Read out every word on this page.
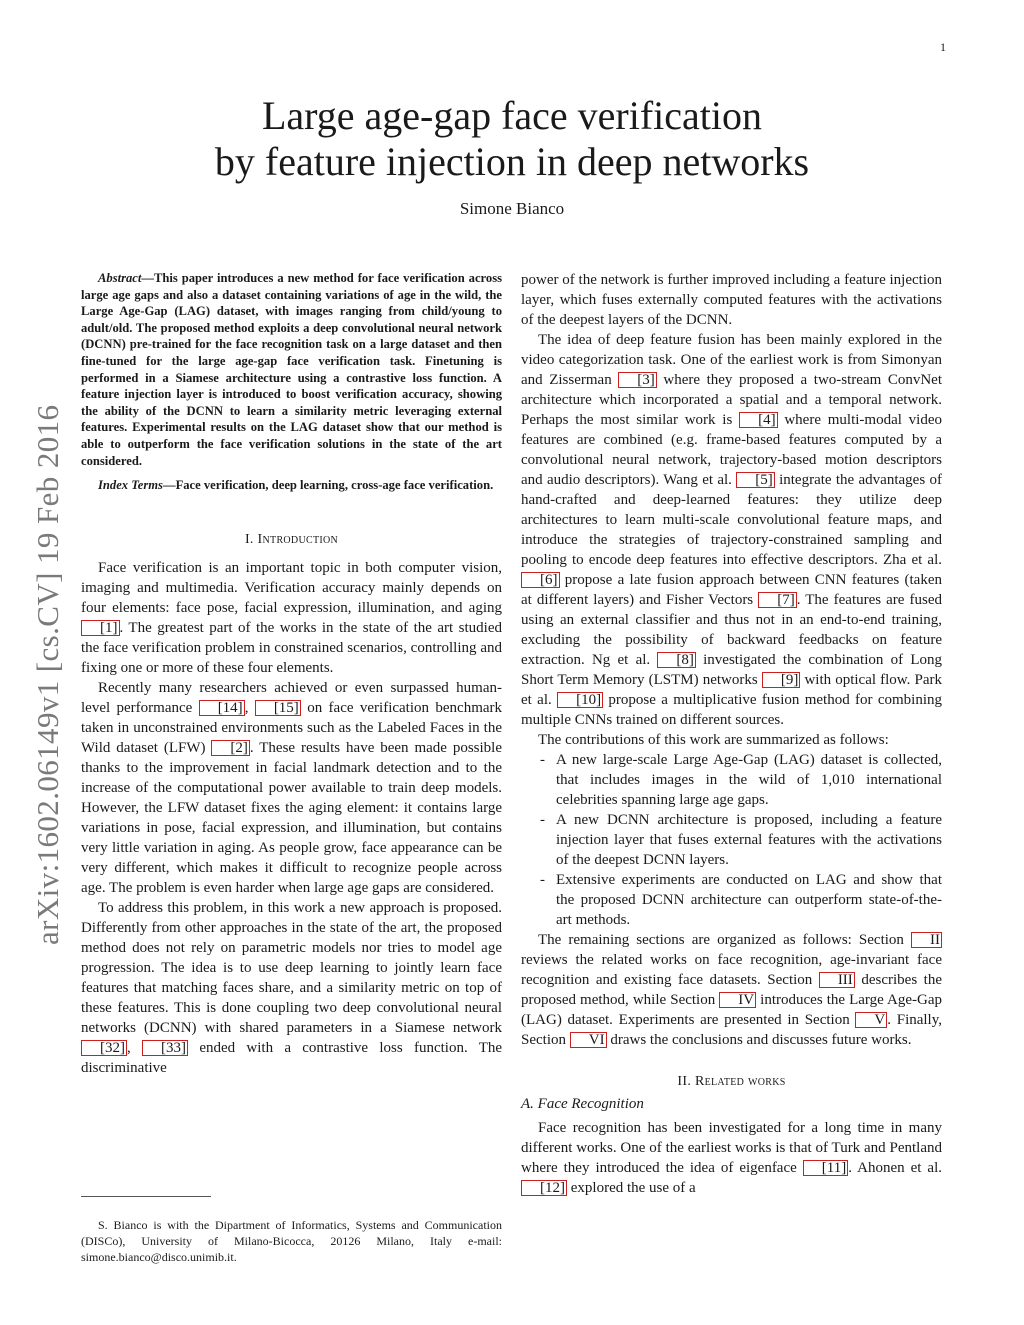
1
arXiv:1602.06149v1 [cs.CV] 19 Feb 2016
Large age-gap face verification
by feature injection in deep networks
Simone Bianco

Abstract—This paper introduces a new method for face verification across large age gaps and also a dataset containing variations of age in the wild, the Large Age-Gap (LAG) dataset, with images ranging from child/young to adult/old. The proposed method exploits a deep convolutional neural network (DCNN) pre-trained for the face recognition task on a large dataset and then fine-tuned for the large age-gap face verification task. Finetuning is performed in a Siamese architecture using a contrastive loss function. A feature injection layer is introduced to boost verification accuracy, showing the ability of the DCNN to learn a similarity metric leveraging external features. Experimental results on the LAG dataset show that our method is able to outperform the face verification solutions in the state of the art considered.

Index Terms—Face verification, deep learning, cross-age face verification.

I. Introduction

Face verification is an important topic in both computer vision, imaging and multimedia. Verification accuracy mainly depends on four elements: face pose, facial expression, illumination, and aging [1] . The greatest part of the works in the state of the art studied the face verification problem in constrained scenarios, controlling and fixing one or more of these four elements.

Recently many researchers achieved or even surpassed human-level performance [14] , [15] on face verification benchmark taken in unconstrained environments such as the Labeled Faces in the Wild dataset (LFW) [2] . These results have been made possible thanks to the improvement in facial landmark detection and to the increase of the computational power available to train deep models. However, the LFW dataset fixes the aging element: it contains large variations in pose, facial expression, and illumination, but contains very little variation in aging. As people grow, face appearance can be very different, which makes it difficult to recognize people across age. The problem is even harder when large age gaps are considered.

To address this problem, in this work a new approach is proposed. Differently from other approaches in the state of the art, the proposed method does not rely on parametric models nor tries to model age progression. The idea is to use deep learning to jointly learn face features that matching faces share, and a similarity metric on top of these features. This is done coupling two deep convolutional neural networks (DCNN) with shared parameters in a Siamese network [32] , [33] ended with a contrastive loss function. The discriminative

S. Bianco is with the Dipartment of Informatics, Systems and Communication (DISCo), University of Milano-Bicocca, 20126 Milano, Italy e-mail: simone.bianco@disco.unimib.it.

power of the network is further improved including a feature injection layer, which fuses externally computed features with the activations of the deepest layers of the DCNN.

The idea of deep feature fusion has been mainly explored in the video categorization task. One of the earliest work is from Simonyan and Zisserman [3] where they proposed a two-stream ConvNet architecture which incorporated a spatial and a temporal network. Perhaps the most similar work is [4] where multi-modal video features are combined (e.g. frame-based features computed by a convolutional neural network, trajectory-based motion descriptors and audio descriptors). Wang et al. [5] integrate the advantages of hand-crafted and deep-learned features: they utilize deep architectures to learn multi-scale convolutional feature maps, and introduce the strategies of trajectory-constrained sampling and pooling to encode deep features into effective descriptors. Zha et al. [6] propose a late fusion approach between CNN features (taken at different layers) and Fisher Vectors [7] . The features are fused using an external classifier and thus not in an end-to-end training, excluding the possibility of backward feedbacks on feature extraction. Ng et al. [8] investigated the combination of Long Short Term Memory (LSTM) networks [9] with optical flow. Park et al. [10] propose a multiplicative fusion method for combining multiple CNNs trained on different sources.

The contributions of this work are summarized as follows:

- A new large-scale Large Age-Gap (LAG) dataset is collected, that includes images in the wild of 1,010 international celebrities spanning large age gaps.
- A new DCNN architecture is proposed, including a feature injection layer that fuses external features with the activations of the deepest DCNN layers.
- Extensive experiments are conducted on LAG and show that the proposed DCNN architecture can outperform state-of-the-art methods.

The remaining sections are organized as follows: Section II reviews the related works on face recognition, age-invariant face recognition and existing face datasets. Section III describes the proposed method, while Section IV introduces the Large Age-Gap (LAG) dataset. Experiments are presented in Section V . Finally, Section VI draws the conclusions and discusses future works.

II. Related works
A. Face Recognition

Face recognition has been investigated for a long time in many different works. One of the earliest works is that of Turk and Pentland where they introduced the idea of eigenface [11] . Ahonen et al. [12] explored the use of a
